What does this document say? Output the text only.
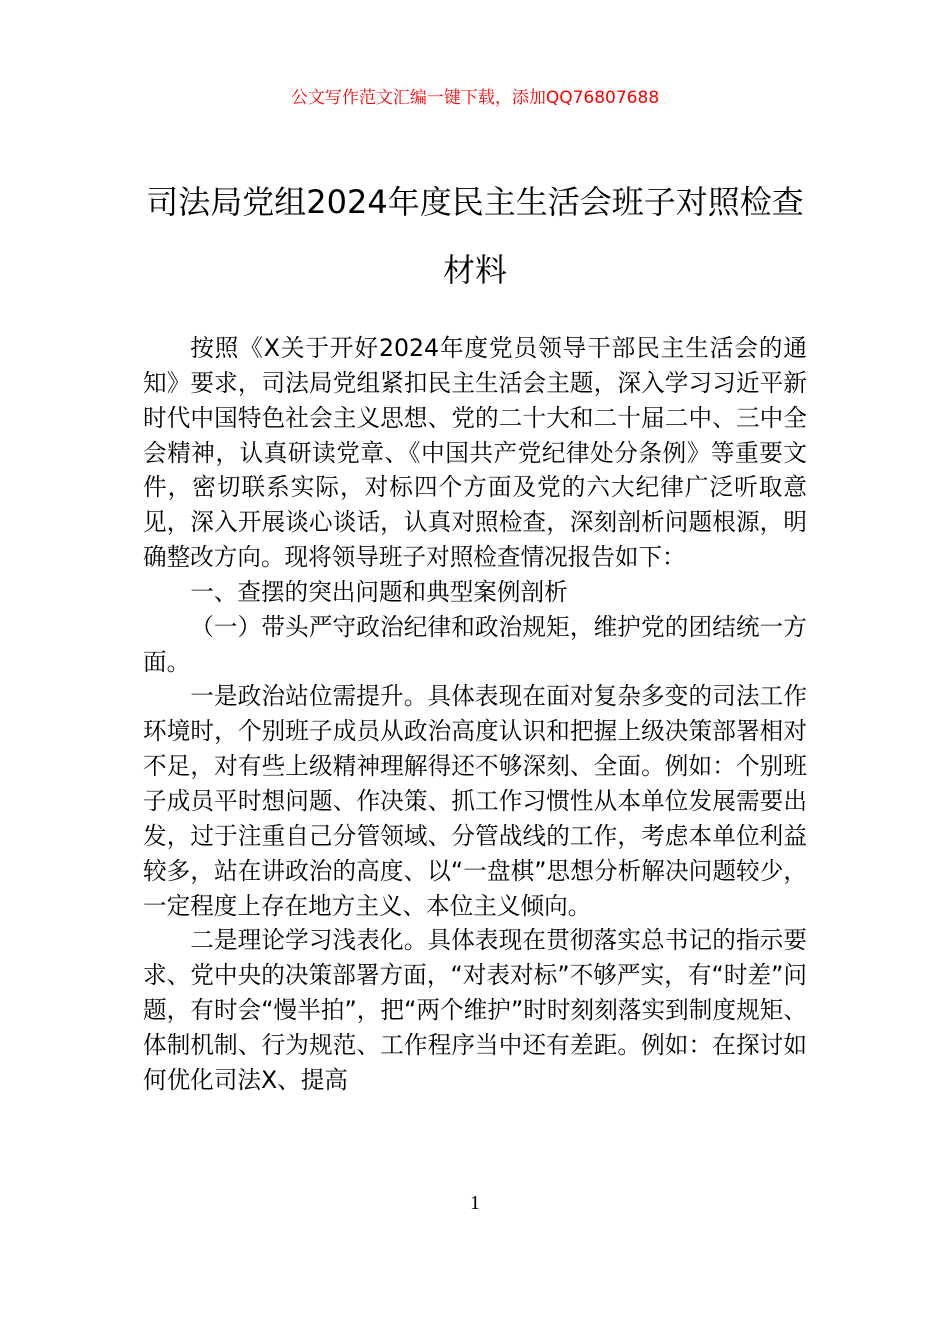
公文写作范文汇编一键下载，添加QQ76807688
司法局党组2024年度民主生活会班子对照检查材料

按照《X关于开好2024年度党员领导干部民主生活会的通知》要求，司法局党组紧扣民主生活会主题，深入学习习近平新时代中国特色社会主义思想、党的二十大和二十届二中、三中全会精神，认真研读党章、《中国共产党纪律处分条例》等重要文件，密切联系实际，对标四个方面及党的六大纪律广泛听取意见，深入开展谈心谈话，认真对照检查，深刻剖析问题根源，明确整改方向。现将领导班子对照检查情况报告如下：

一、查摆的突出问题和典型案例剖析

（一）带头严守政治纪律和政治规矩，维护党的团结统一方面。

一是政治站位需提升。具体表现在面对复杂多变的司法工作环境时，个别班子成员从政治高度认识和把握上级决策部署相对不足，对有些上级精神理解得还不够深刻、全面。例如：个别班子成员平时想问题、作决策、抓工作习惯性从本单位发展需要出发，过于注重自己分管领域、分管战线的工作，考虑本单位利益较多，站在讲政治的高度、以“一盘棋”思想分析解决问题较少，一定程度上存在地方主义、本位主义倾向。

二是理论学习浅表化。具体表现在贯彻落实总书记的指示要求、党中央的决策部署方面，“对表对标”不够严实，有“时差”问题，有时会“慢半拍”，把“两个维护”时时刻刻落实到制度规矩、体制机制、行为规范、工作程序当中还有差距。例如：在探讨如何优化司法X、提高

1
